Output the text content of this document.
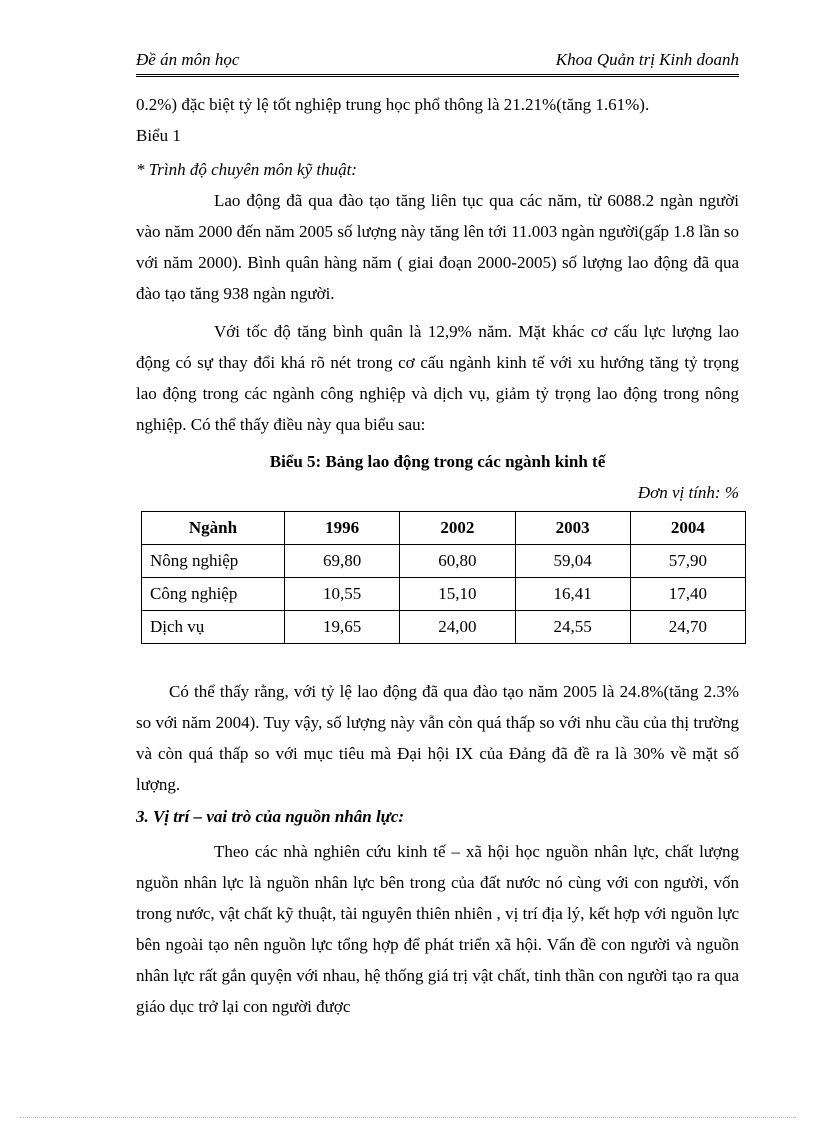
Đề án môn học	Khoa Quản trị Kinh doanh
0.2%) đặc biệt tỷ lệ tốt nghiệp trung học phổ thông là 21.21%(tăng 1.61%).
Biểu 1
* Trình độ chuyên môn kỹ thuật:
Lao động đã qua đào tạo tăng liên tục qua các năm, từ 6088.2 ngàn người vào năm 2000 đến năm 2005 số lượng này tăng lên tới 11.003 ngàn người(gấp 1.8 lần so với năm 2000). Bình quân hàng năm ( giai đoạn 2000-2005) số lượng lao động đã qua đào tạo tăng 938 ngàn người.
Với tốc độ tăng bình quân là 12,9% năm. Mặt khác cơ cấu lực lượng lao động có sự thay đổi khá rõ nét trong cơ cấu ngành kinh tế với xu hướng tăng tỷ trọng lao động trong các ngành công nghiệp và dịch vụ, giảm tỷ trọng lao động trong nông nghiệp. Có thể thấy điều này qua biểu sau:
Biểu 5: Bảng lao động trong các ngành kinh tế
Đơn vị tính: %
Ngành	1996	2002	2003	2004
Nông nghiệp	69,80	60,80	59,04	57,90
Công nghiệp	10,55	15,10	16,41	17,40
Dịch vụ	19,65	24,00	24,55	24,70
Có thể thấy rằng, với tỷ lệ lao động đã qua đào tạo năm 2005 là 24.8%(tăng 2.3% so với năm 2004). Tuy vậy, số lượng này vẫn còn quá thấp so với nhu cầu của thị trường và còn quá thấp so với mục tiêu mà Đại hội IX của Đảng đã đề ra là 30% về mặt số lượng.
3. Vị trí – vai trò của nguồn nhân lực:
Theo các nhà nghiên cứu kinh tế – xã hội học nguồn nhân lực, chất lượng nguồn nhân lực là nguồn nhân lực bên trong của đất nước nó cùng với con người, vốn trong nước, vật chất kỹ thuật, tài nguyên thiên nhiên , vị trí địa lý, kết hợp với nguồn lực bên ngoài tạo nên nguồn lực tổng hợp để phát triển xã hội. Vấn đề con người và nguồn nhân lực rất gắn quyện với nhau, hệ thống giá trị vật chất, tinh thần con người tạo ra qua giáo dục trở lại con người được
